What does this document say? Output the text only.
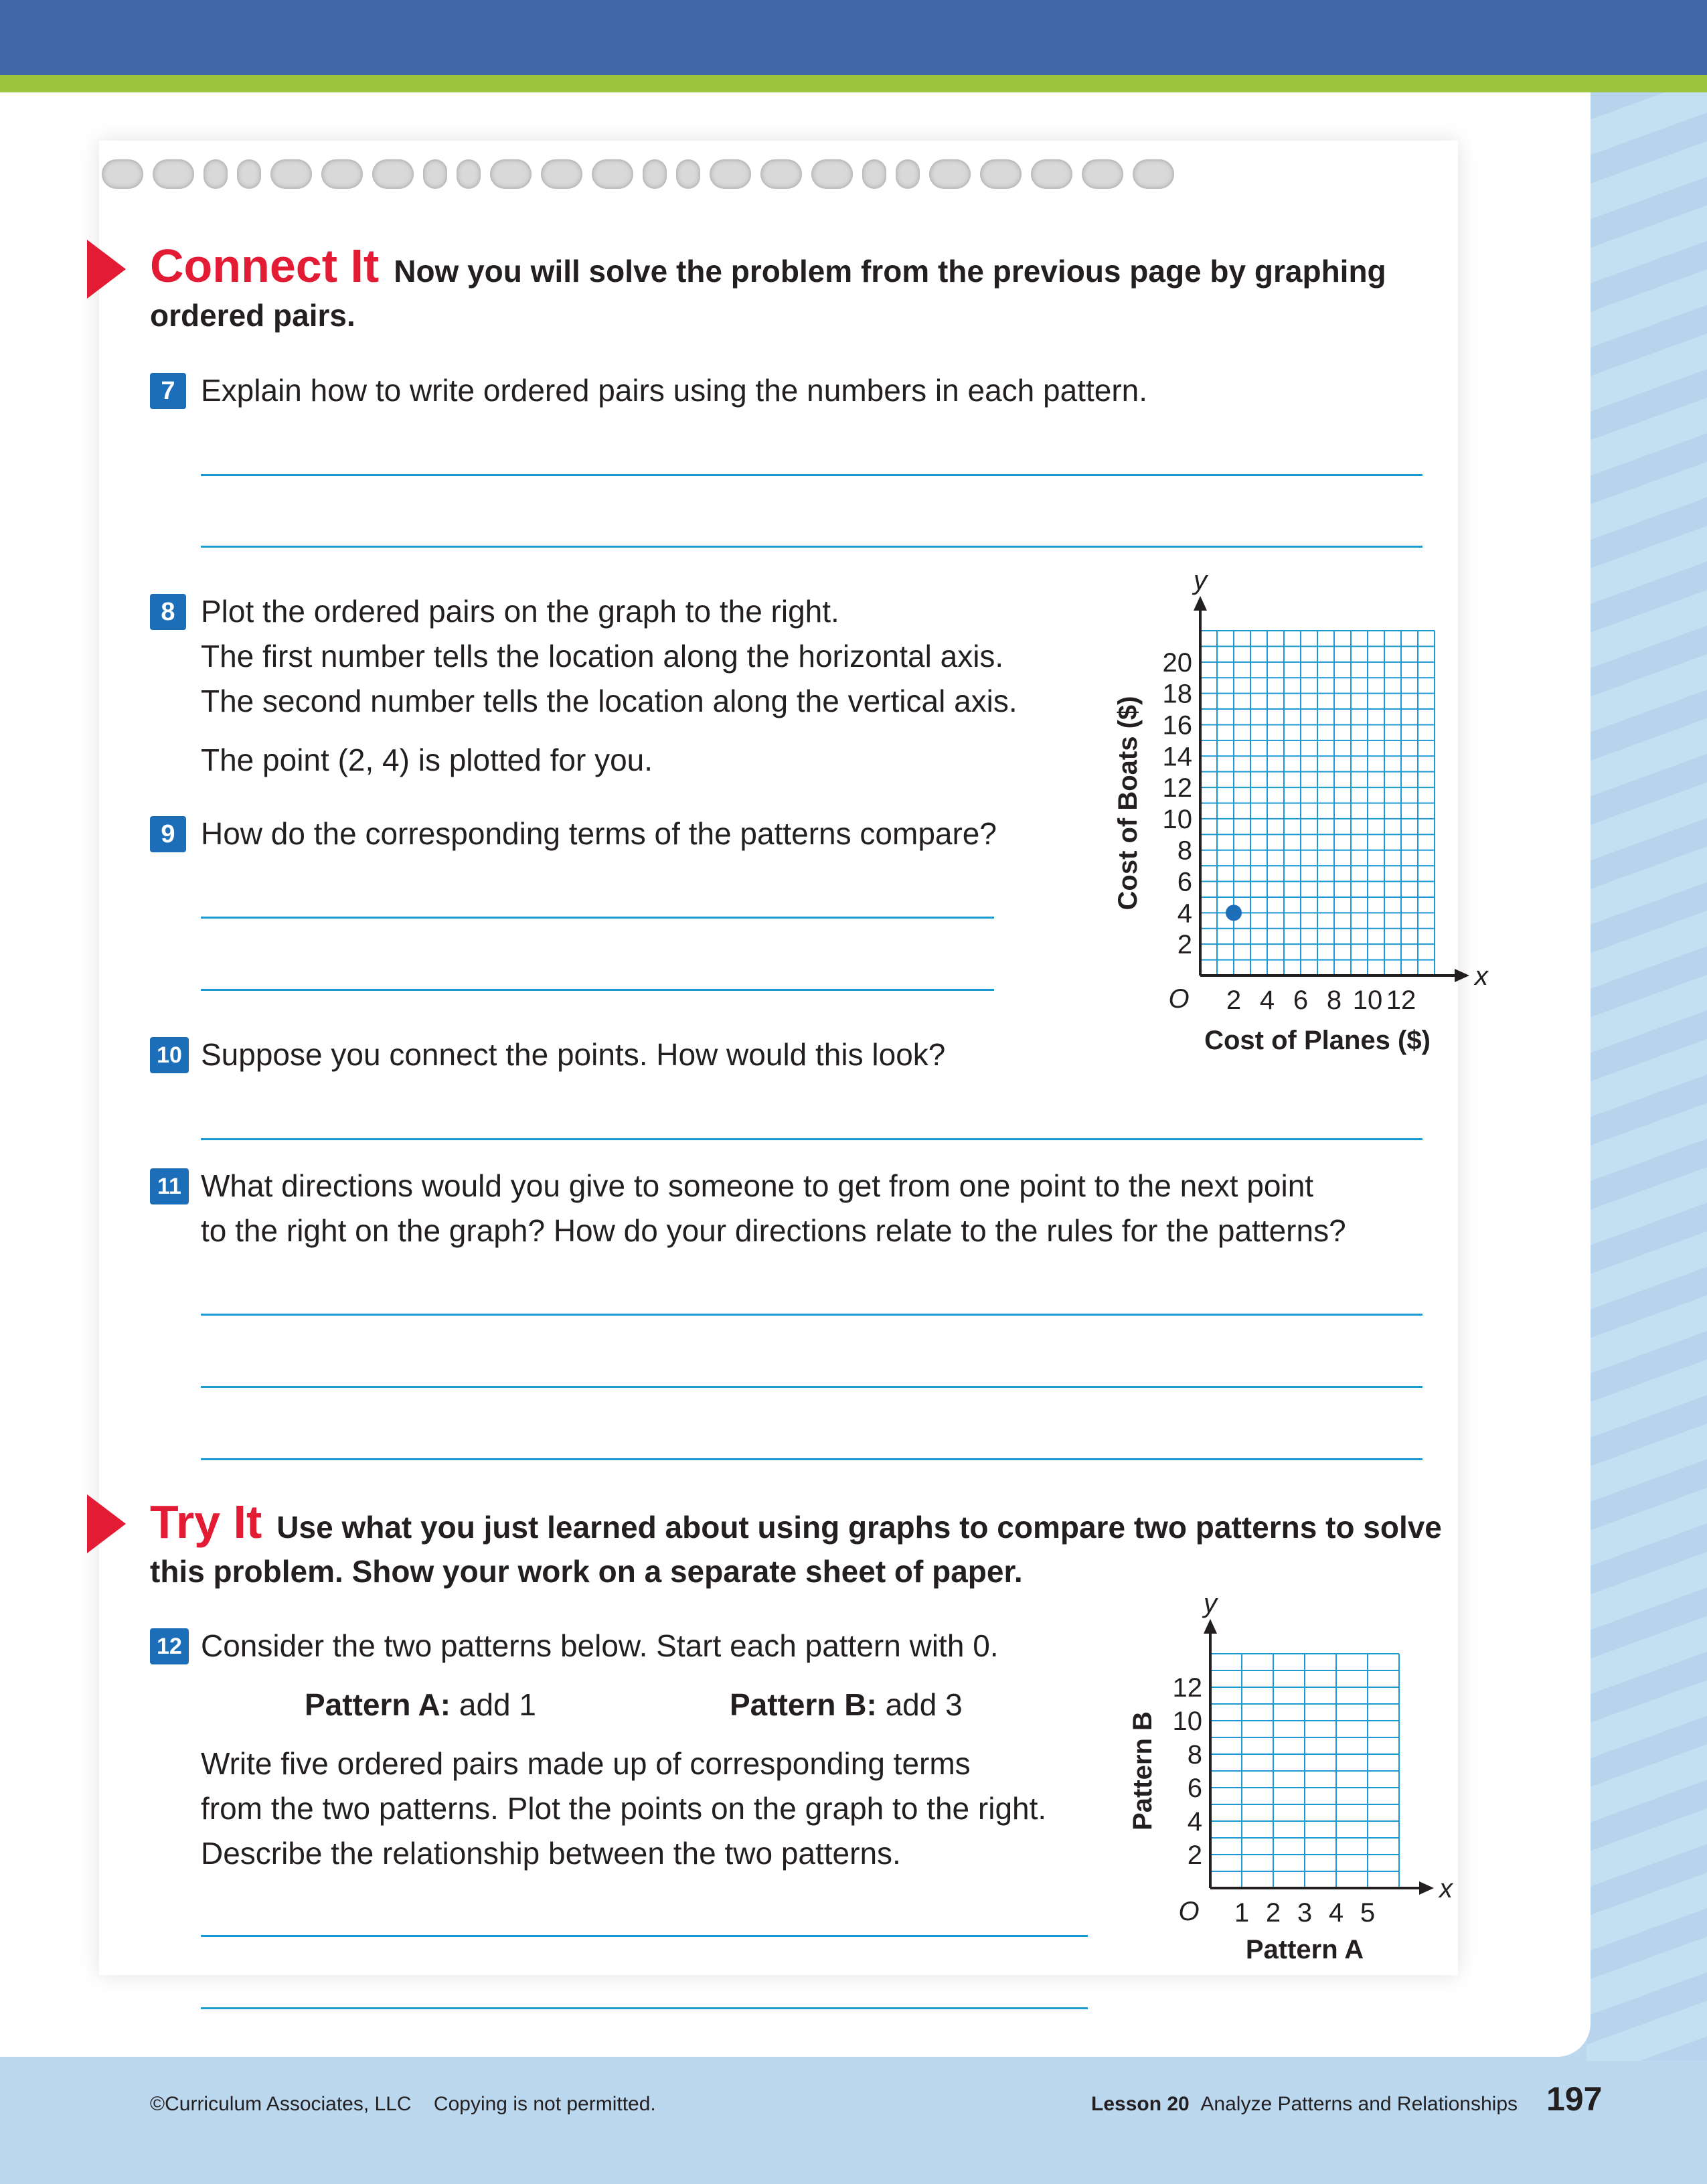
Connect It Now you will solve the problem from the previous page by graphing ordered pairs.
7 Explain how to write ordered pairs using the numbers in each pattern.
8 Plot the ordered pairs on the graph to the right.
The first number tells the location along the horizontal axis.
The second number tells the location along the vertical axis.
The point (2, 4) is plotted for you.
9 How do the corresponding terms of the patterns compare?
10 Suppose you connect the points. How would this look?
11 What directions would you give to someone to get from one point to the next point
to the right on the graph? How do your directions relate to the rules for the patterns?
Try It Use what you just learned about using graphs to compare two patterns to solve this problem. Show your work on a separate sheet of paper.
12 Consider the two patterns below. Start each pattern with 0.
Pattern A: add 1	Pattern B: add 3
Write five ordered pairs made up of corresponding terms
from the two patterns. Plot the points on the graph to the right.
Describe the relationship between the two patterns.
2 4 6 8 10 12
2
4
6
8
10
12
14
16
18
20
O
x
y
Cost of Planes ($)
Cost of Boats ($)
1 2 3 4 5
2
4
6
8
10
12
O
x
y
Pattern A
Pattern B
©Curriculum Associates, LLC Copying is not permitted.	Lesson 20 Analyze Patterns and Relationships 197
